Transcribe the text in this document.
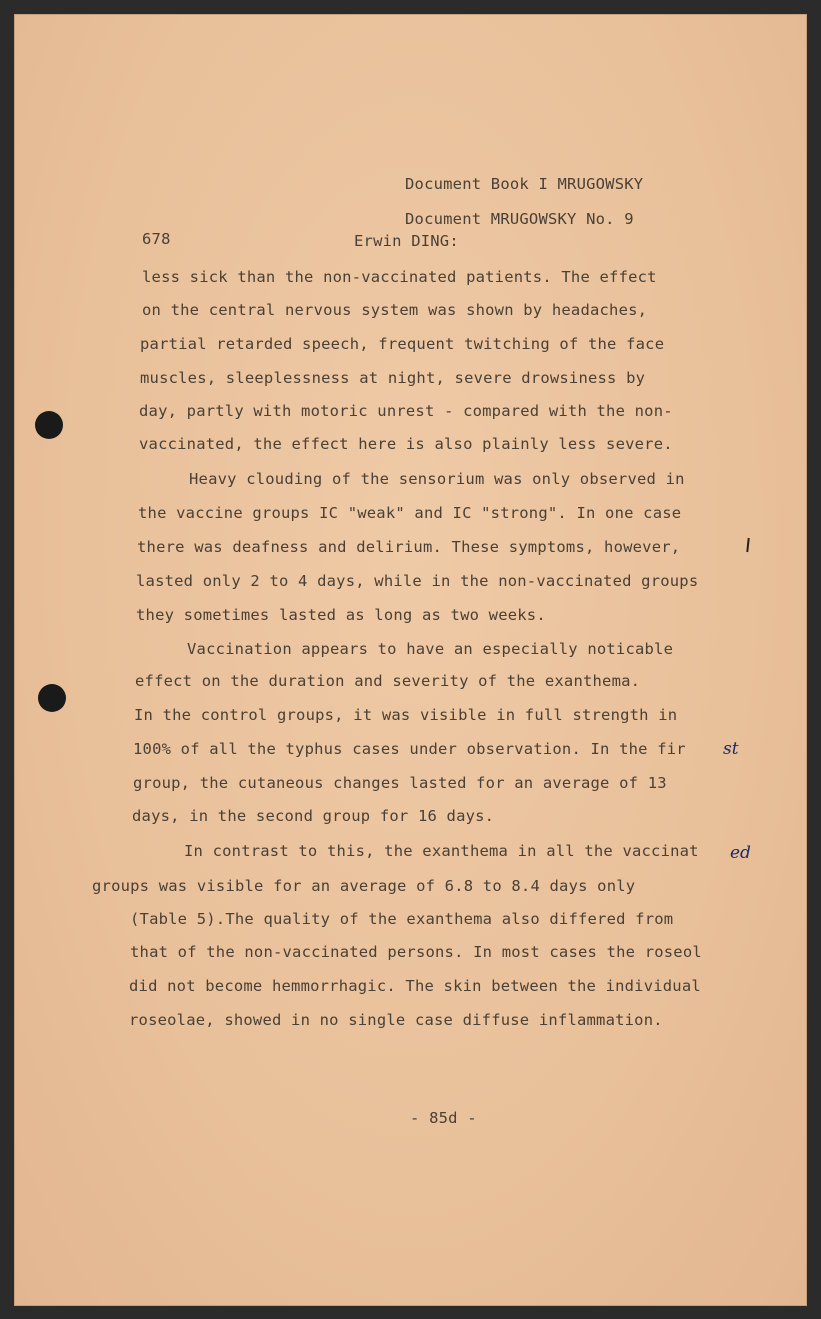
Document Book I MRUGOWSKY
Document MRUGOWSKY No. 9
678	Erwin DING:
less sick than the non-vaccinated patients. The effect
on the central nervous system was shown by headaches,
partial retarded speech, frequent twitching of the face
muscles, sleeplessness at night, severe drowsiness by
day, partly with motoric unrest - compared with the non-
vaccinated, the effect here is also plainly less severe.
Heavy clouding of the sensorium was only observed in
the vaccine groups IC "weak" and IC "strong". In one case
there was deafness and delirium. These symptoms, however,
lasted only 2 to 4 days, while in the non-vaccinated groups
they sometimes lasted as long as two weeks.
Vaccination appears to have an especially noticable
effect on the duration and severity of the exanthema.
In the control groups, it was visible in full strength in
100% of all the typhus cases under observation. In the fir st
group, the cutaneous changes lasted for an average of 13
days, in the second group for 16 days.
In contrast to this, the exanthema in all the vaccinat ed
groups was visible for an average of 6.8 to 8.4 days only
(Table 5).The quality of the exanthema also differed from
that of the non-vaccinated persons. In most cases the roseol
did not become hemmorrhagic. The skin between the individual
roseolae, showed in no single case diffuse inflammation.
- 85d -
